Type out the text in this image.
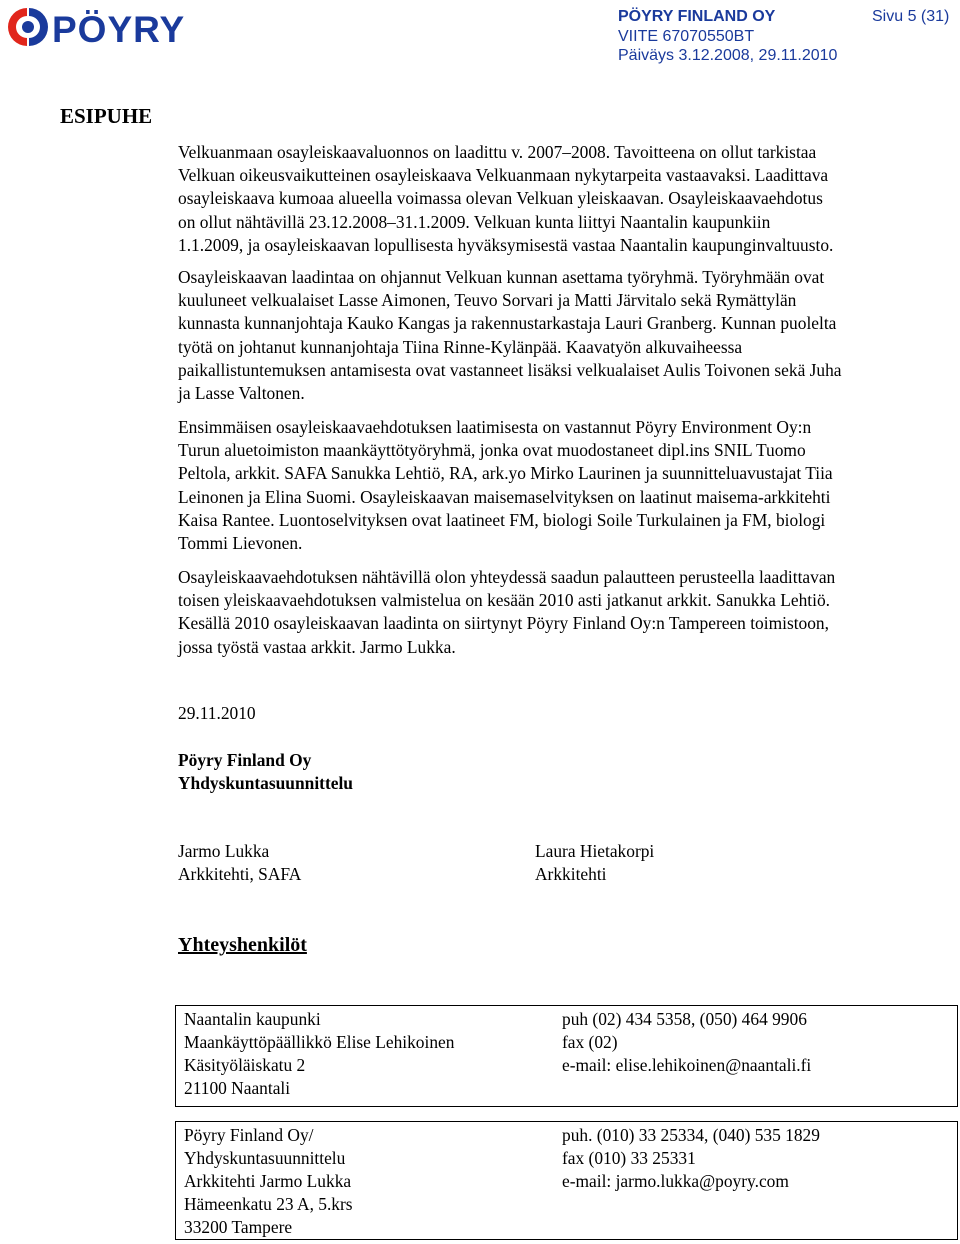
PÖYRY	PÖYRY FINLAND OY	Sivu 5 (31)
VIITE 67070550BT
Päiväys 3.12.2008, 29.11.2010
ESIPUHE
Velkuanmaan osayleiskaavaluonnos on laadittu v. 2007–2008. Tavoitteena on ollut tarkistaa
Velkuan oikeusvaikutteinen osayleiskaava Velkuanmaan nykytarpeita vastaavaksi. Laadittava
osayleiskaava kumoaa alueella voimassa olevan Velkuan yleiskaavan. Osayleiskaavaehdotus
on ollut nähtävillä 23.12.2008–31.1.2009. Velkuan kunta liittyi Naantalin kaupunkiin
1.1.2009, ja osayleiskaavan lopullisesta hyväksymisestä vastaa Naantalin kaupunginvaltuusto.
Osayleiskaavan laadintaa on ohjannut Velkuan kunnan asettama työryhmä. Työryhmään ovat
kuuluneet velkualaiset Lasse Aimonen, Teuvo Sorvari ja Matti Järvitalo sekä Rymättylän
kunnasta kunnanjohtaja Kauko Kangas ja rakennustarkastaja Lauri Granberg. Kunnan puolelta
työtä on johtanut kunnanjohtaja Tiina Rinne-Kylänpää. Kaavatyön alkuvaiheessa
paikallistuntemuksen antamisesta ovat vastanneet lisäksi velkualaiset Aulis Toivonen sekä Juha
ja Lasse Valtonen.
Ensimmäisen osayleiskaavaehdotuksen laatimisesta on vastannut Pöyry Environment Oy:n
Turun aluetoimiston maankäyttötyöryhmä, jonka ovat muodostaneet dipl.ins SNIL Tuomo
Peltola, arkkit. SAFA Sanukka Lehtiö, RA, ark.yo Mirko Laurinen ja suunnitteluavustajat Tiia
Leinonen ja Elina Suomi. Osayleiskaavan maisemaselvityksen on laatinut maisema-arkkitehti
Kaisa Rantee. Luontoselvityksen ovat laatineet FM, biologi Soile Turkulainen ja FM, biologi
Tommi Lievonen.
Osayleiskaavaehdotuksen nähtävillä olon yhteydessä saadun palautteen perusteella laadittavan
toisen yleiskaavaehdotuksen valmistelua on kesään 2010 asti jatkanut arkkit. Sanukka Lehtiö.
Kesällä 2010 osayleiskaavan laadinta on siirtynyt Pöyry Finland Oy:n Tampereen toimistoon,
jossa työstä vastaa arkkit. Jarmo Lukka.
29.11.2010
Pöyry Finland Oy
Yhdyskuntasuunnittelu
Jarmo Lukka
Arkkitehti, SAFA
Laura Hietakorpi
Arkkitehti
Yhteyshenkilöt
Naantalin kaupunki
Maankäyttöpäällikkö Elise Lehikoinen
Käsityöläiskatu 2
21100 Naantali
puh (02) 434 5358, (050) 464 9906
fax (02)
e-mail: elise.lehikoinen@naantali.fi
Pöyry Finland Oy/
Yhdyskuntasuunnittelu
Arkkitehti Jarmo Lukka
Hämeenkatu 23 A, 5.krs
33200 Tampere
puh. (010) 33 25334, (040) 535 1829
fax (010) 33 25331
e-mail: jarmo.lukka@poyry.com
